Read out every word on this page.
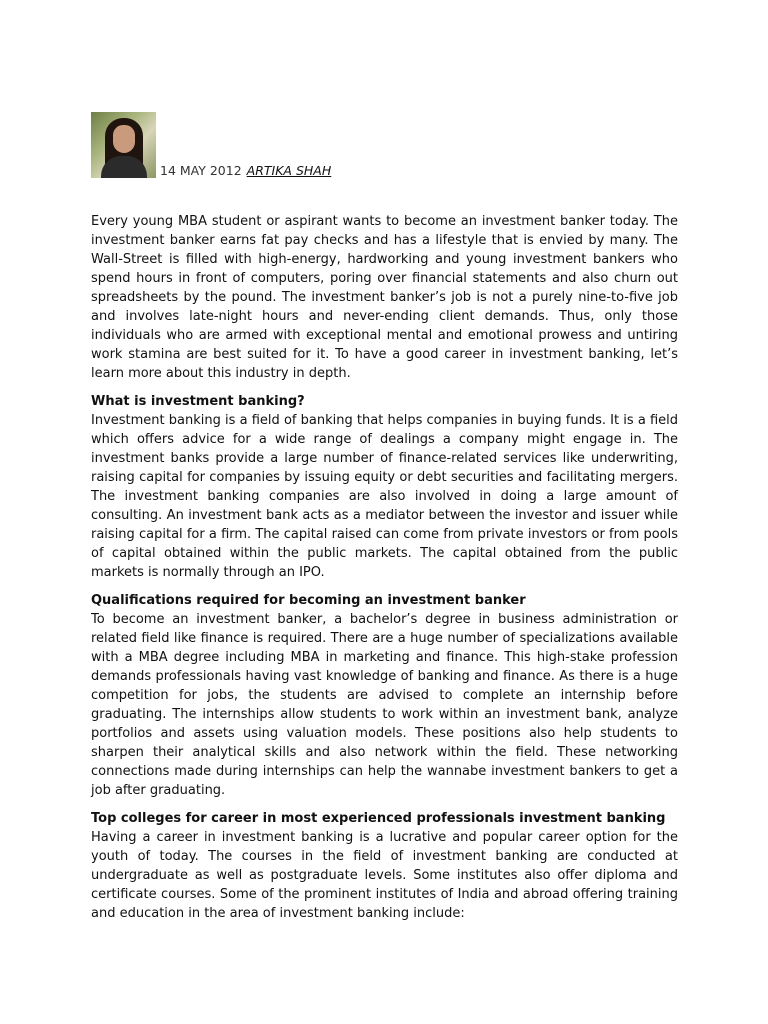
14 MAY 2012 ARTIKA SHAH

Every young MBA student or aspirant wants to become an investment banker today. The investment banker earns fat pay checks and has a lifestyle that is envied by many. The Wall-Street is filled with high-energy, hardworking and young investment bankers who spend hours in front of computers, poring over financial statements and also churn out spreadsheets by the pound. The investment banker’s job is not a purely nine-to-five job and involves late-night hours and never-ending client demands. Thus, only those individuals who are armed with exceptional mental and emotional prowess and untiring work stamina are best suited for it. To have a good career in investment banking, let’s learn more about this industry in depth.

What is investment banking?

Investment banking is a field of banking that helps companies in buying funds. It is a field which offers advice for a wide range of dealings a company might engage in. The investment banks provide a large number of finance-related services like underwriting, raising capital for companies by issuing equity or debt securities and facilitating mergers. The investment banking companies are also involved in doing a large amount of consulting. An investment bank acts as a mediator between the investor and issuer while raising capital for a firm. The capital raised can come from private investors or from pools of capital obtained within the public markets. The capital obtained from the public markets is normally through an IPO.

Qualifications required for becoming an investment banker

To become an investment banker, a bachelor’s degree in business administration or related field like finance is required. There are a huge number of specializations available with a MBA degree including MBA in marketing and finance. This high-stake profession demands professionals having vast knowledge of banking and finance. As there is a huge competition for jobs, the students are advised to complete an internship before graduating. The internships allow students to work within an investment bank, analyze portfolios and assets using valuation models. These positions also help students to sharpen their analytical skills and also network within the field. These networking connections made during internships can help the wannabe investment bankers to get a job after graduating.

Top colleges for career in most experienced professionals investment banking

Having a career in investment banking is a lucrative and popular career option for the youth of today. The courses in the field of investment banking are conducted at undergraduate as well as postgraduate levels. Some institutes also offer diploma and certificate courses. Some of the prominent institutes of India and abroad offering training and education in the area of investment banking include:
